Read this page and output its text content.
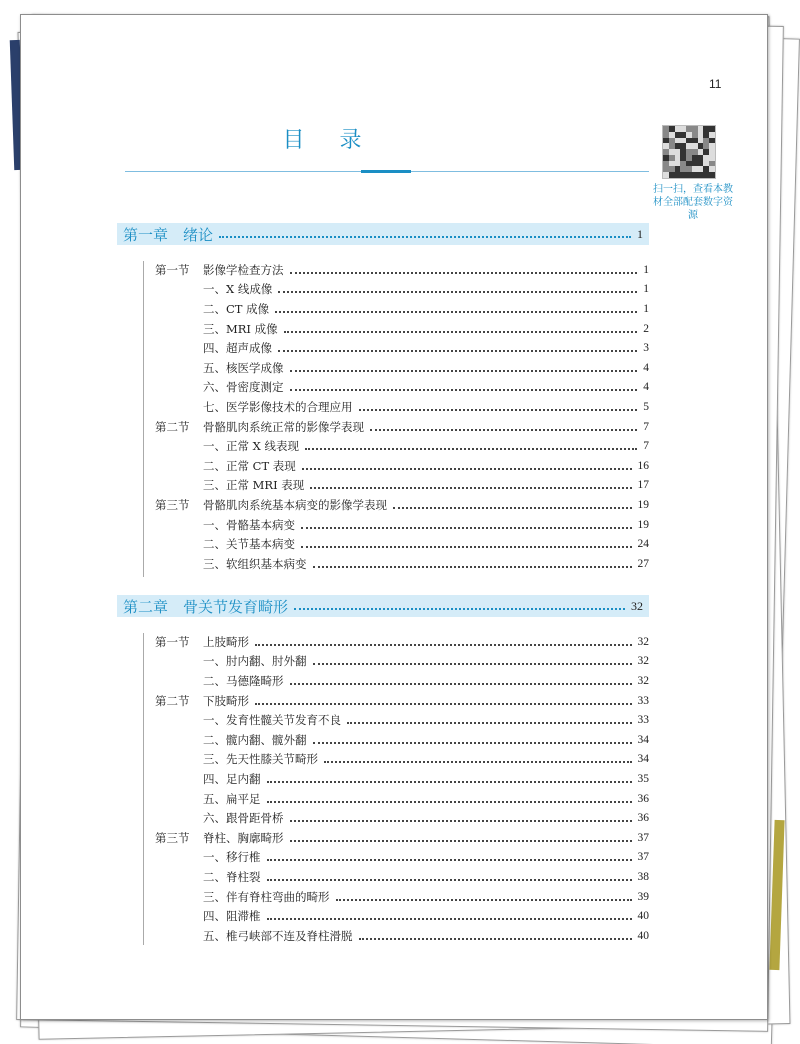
11
目 录
扫一扫，查看本教材全部配套数字资源
第一章　绪论	1
第一节	影像学检查方法	1
一、X 线成像	1
二、CT 成像	1
三、MRI 成像	2
四、超声成像	3
五、核医学成像	4
六、骨密度测定	4
七、医学影像技术的合理应用	5
第二节	骨骼肌肉系统正常的影像学表现	7
一、正常 X 线表现	7
二、正常 CT 表现	16
三、正常 MRI 表现	17
第三节	骨骼肌肉系统基本病变的影像学表现	19
一、骨骼基本病变	19
二、关节基本病变	24
三、软组织基本病变	27
第二章　骨关节发育畸形	32
第一节	上肢畸形	32
一、肘内翻、肘外翻	32
二、马德隆畸形	32
第二节	下肢畸形	33
一、发育性髋关节发育不良	33
二、髋内翻、髋外翻	34
三、先天性膝关节畸形	34
四、足内翻	35
五、扁平足	36
六、跟骨距骨桥	36
第三节	脊柱、胸廓畸形	37
一、移行椎	37
二、脊柱裂	38
三、伴有脊柱弯曲的畸形	39
四、阻滞椎	40
五、椎弓峡部不连及脊柱滑脱	40
